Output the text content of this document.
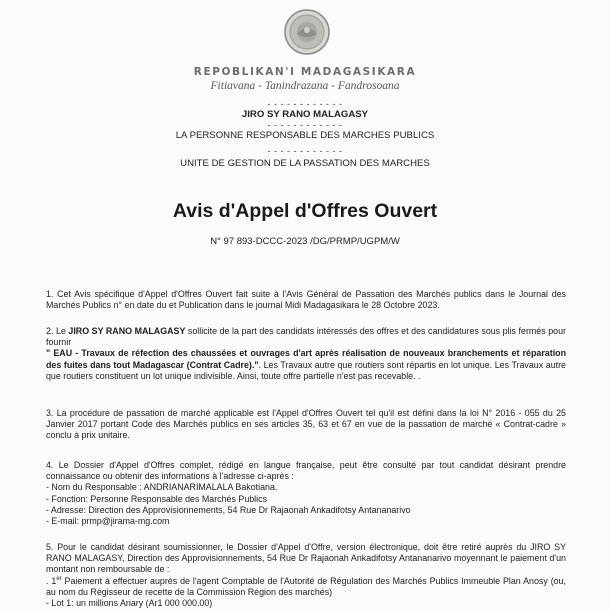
REPOBLIKAN'I MADAGASIKARA
Fitiavana - Tanindrazana - Fandrosoana
- - - - - - - - - - - -
JIRO SY RANO MALAGASY
- - - - - - - - - - - -
LA PERSONNE RESPONSABLE DES MARCHES PUBLICS
- - - - - - - - - - - -
UNITE DE GESTION DE LA PASSATION DES MARCHES
Avis d'Appel d'Offres Ouvert
N° 97 893-DCCC-2023 /DG/PRMP/UGPM/W
1. Cet Avis spécifique d'Appel d'Offres Ouvert fait suite à l'Avis Général de Passation des Marchés publics dans le Journal des Marchés Publics n° en date du et Publication dans le journal Midi Madagasikara le 28 Octobre 2023.
2. Le JIRO SY RANO MALAGASY sollicite de la part des candidats intéressés des offres et des candidatures sous plis fermés pour fournir
" EAU - Travaux de réfection des chaussées et ouvrages d'art après réalisation de nouveaux branchements et réparation des fuites dans tout Madagascar (Contrat Cadre).". Les Travaux autre que routiers sont répartis en lot unique. Les Travaux autre que routiers constituent un lot unique indivisible. Ainsi, toute offre partielle n'est pas recevable. .
3. La procédure de passation de marché applicable est l'Appel d'Offres Ouvert tel qu'il est défini dans la loi N° 2016 - 055 du 25 Janvier 2017 portant Code des Marchés publics en ses articles 35, 63 et 67 en vue de la passation de marché « Contrat-cadre » conclu à prix unitaire.
4. Le Dossier d'Appel d'Offres complet, rédigé en langue française, peut être consulté par tout candidat désirant prendre connaissance ou obtenir des informations à l'adresse ci-après :
- Nom du Responsable : ANDRIANARIMALALA Bakotiana.
- Fonction: Personne Responsable des Marchés Publics
- Adresse: Direction des Approvisionnements, 54 Rue Dr Rajaonah Ankadifotsy Antananarivo
- E-mail: prmp@jirama-mg.com
5. Pour le candidat désirant soumissionner, le Dossier d'Appel d'Offre, version électronique, doit être retiré auprès du JIRO SY RANO MALAGASY, Direction des Approvisionnements, 54 Rue Dr Rajaonah Ankadifotsy Antananarivo moyennant le paiement d'un montant non remboursable de :
. 1er Paiement à effectuer auprès de l'agent Comptable de l'Autorité de Régulation des Marchés Publics Immeuble Plan Anosy (ou, au nom du Régisseur de recette de la Commission Région des marchés)
- Lot 1: un millions Ariary (Ar1 000 000.00)
